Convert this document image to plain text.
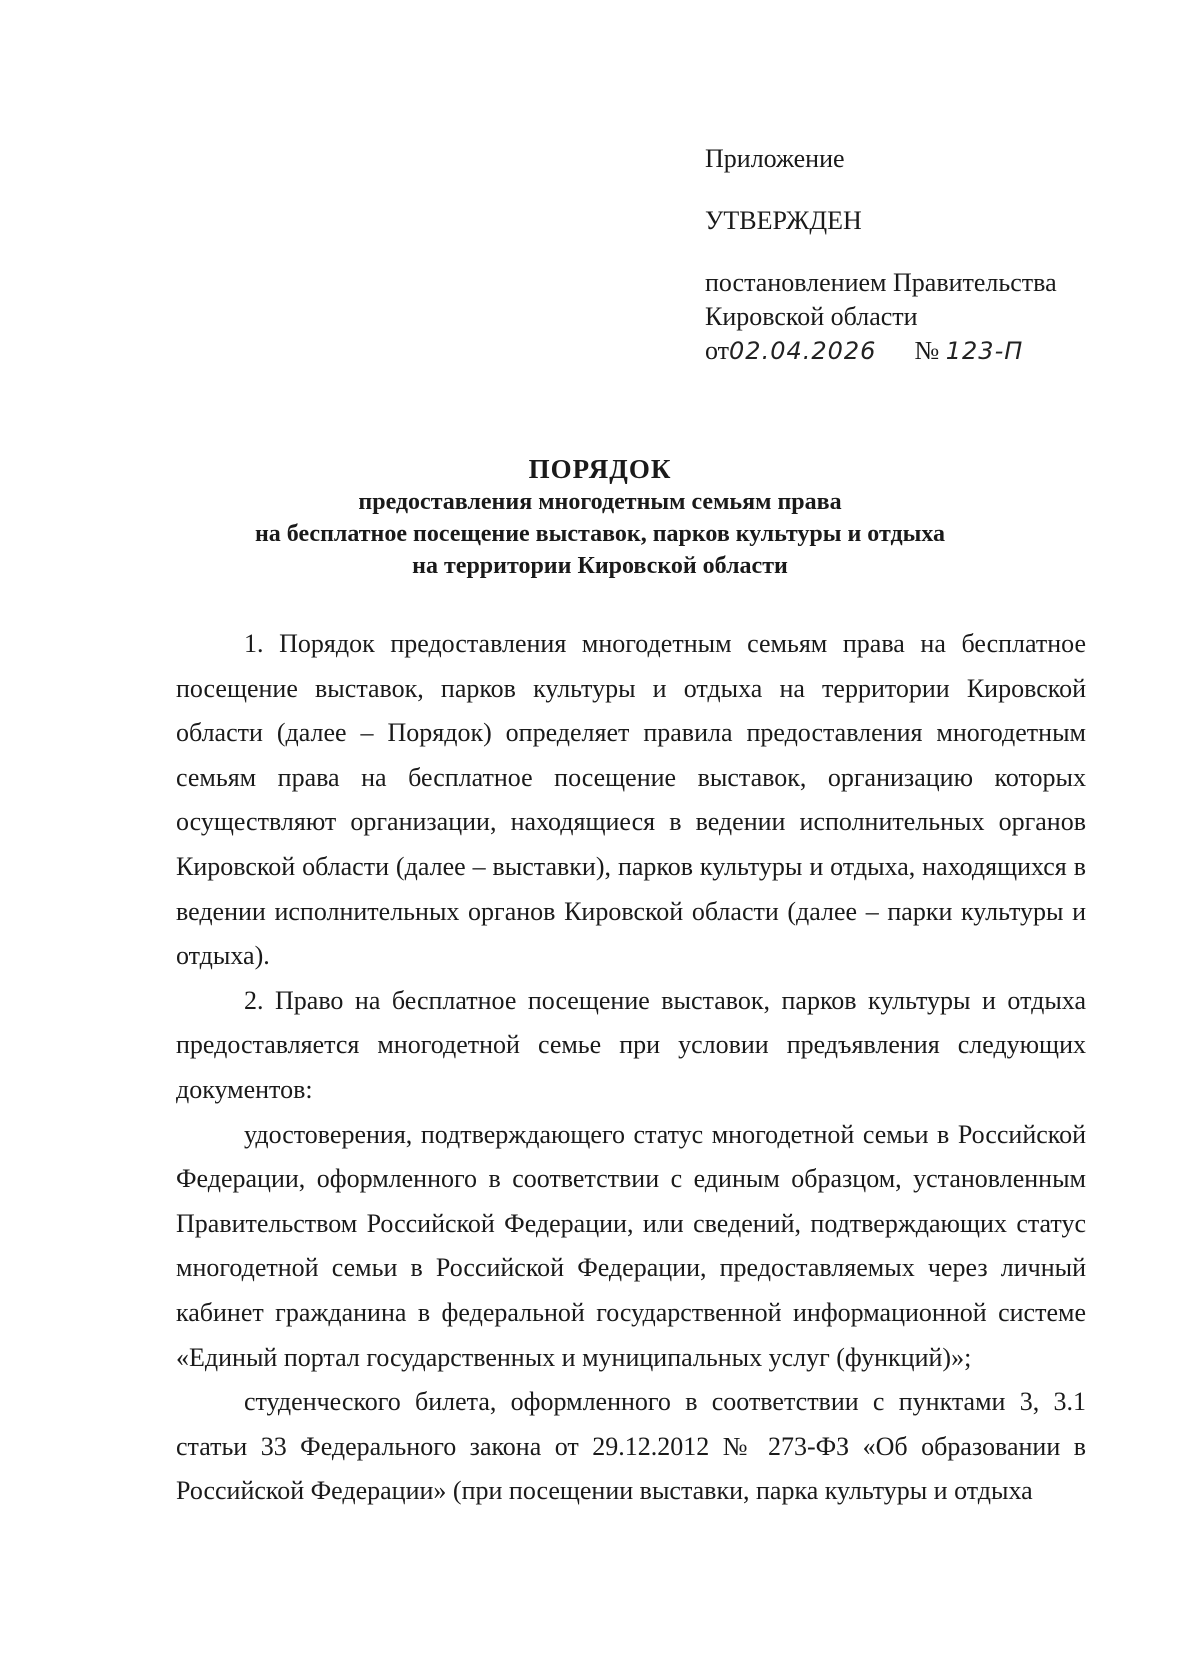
Приложение
УТВЕРЖДЕН
постановлением Правительства
Кировской области
от02.04.2026 № 123-П
ПОРЯДОК
предоставления многодетным семьям права
на бесплатное посещение выставок, парков культуры и отдыха
на территории Кировской области

1. Порядок предоставления многодетным семьям права на бесплатное посещение выставок, парков культуры и отдыха на территории Кировской области (далее – Порядок) определяет правила предоставления многодетным семьям права на бесплатное посещение выставок, организацию которых осуществляют организации, находящиеся в ведении исполнительных органов Кировской области (далее – выставки), парков культуры и отдыха, находящихся в ведении исполнительных органов Кировской области (далее – парки культуры и отдыха).

2. Право на бесплатное посещение выставок, парков культуры и отдыха предоставляется многодетной семье при условии предъявления следующих документов:

удостоверения, подтверждающего статус многодетной семьи в Российской Федерации, оформленного в соответствии с единым образцом, установленным Правительством Российской Федерации, или сведений, подтверждающих статус многодетной семьи в Российской Федерации, предоставляемых через личный кабинет гражданина в федеральной государственной информационной системе «Единый портал государственных и муниципальных услуг (функций)»;

студенческого билета, оформленного в соответствии с пунктами 3, 3.1 статьи 33 Федерального закона от 29.12.2012 № 273-ФЗ «Об образовании в Российской Федерации» (при посещении выставки, парка культуры и отдыха
